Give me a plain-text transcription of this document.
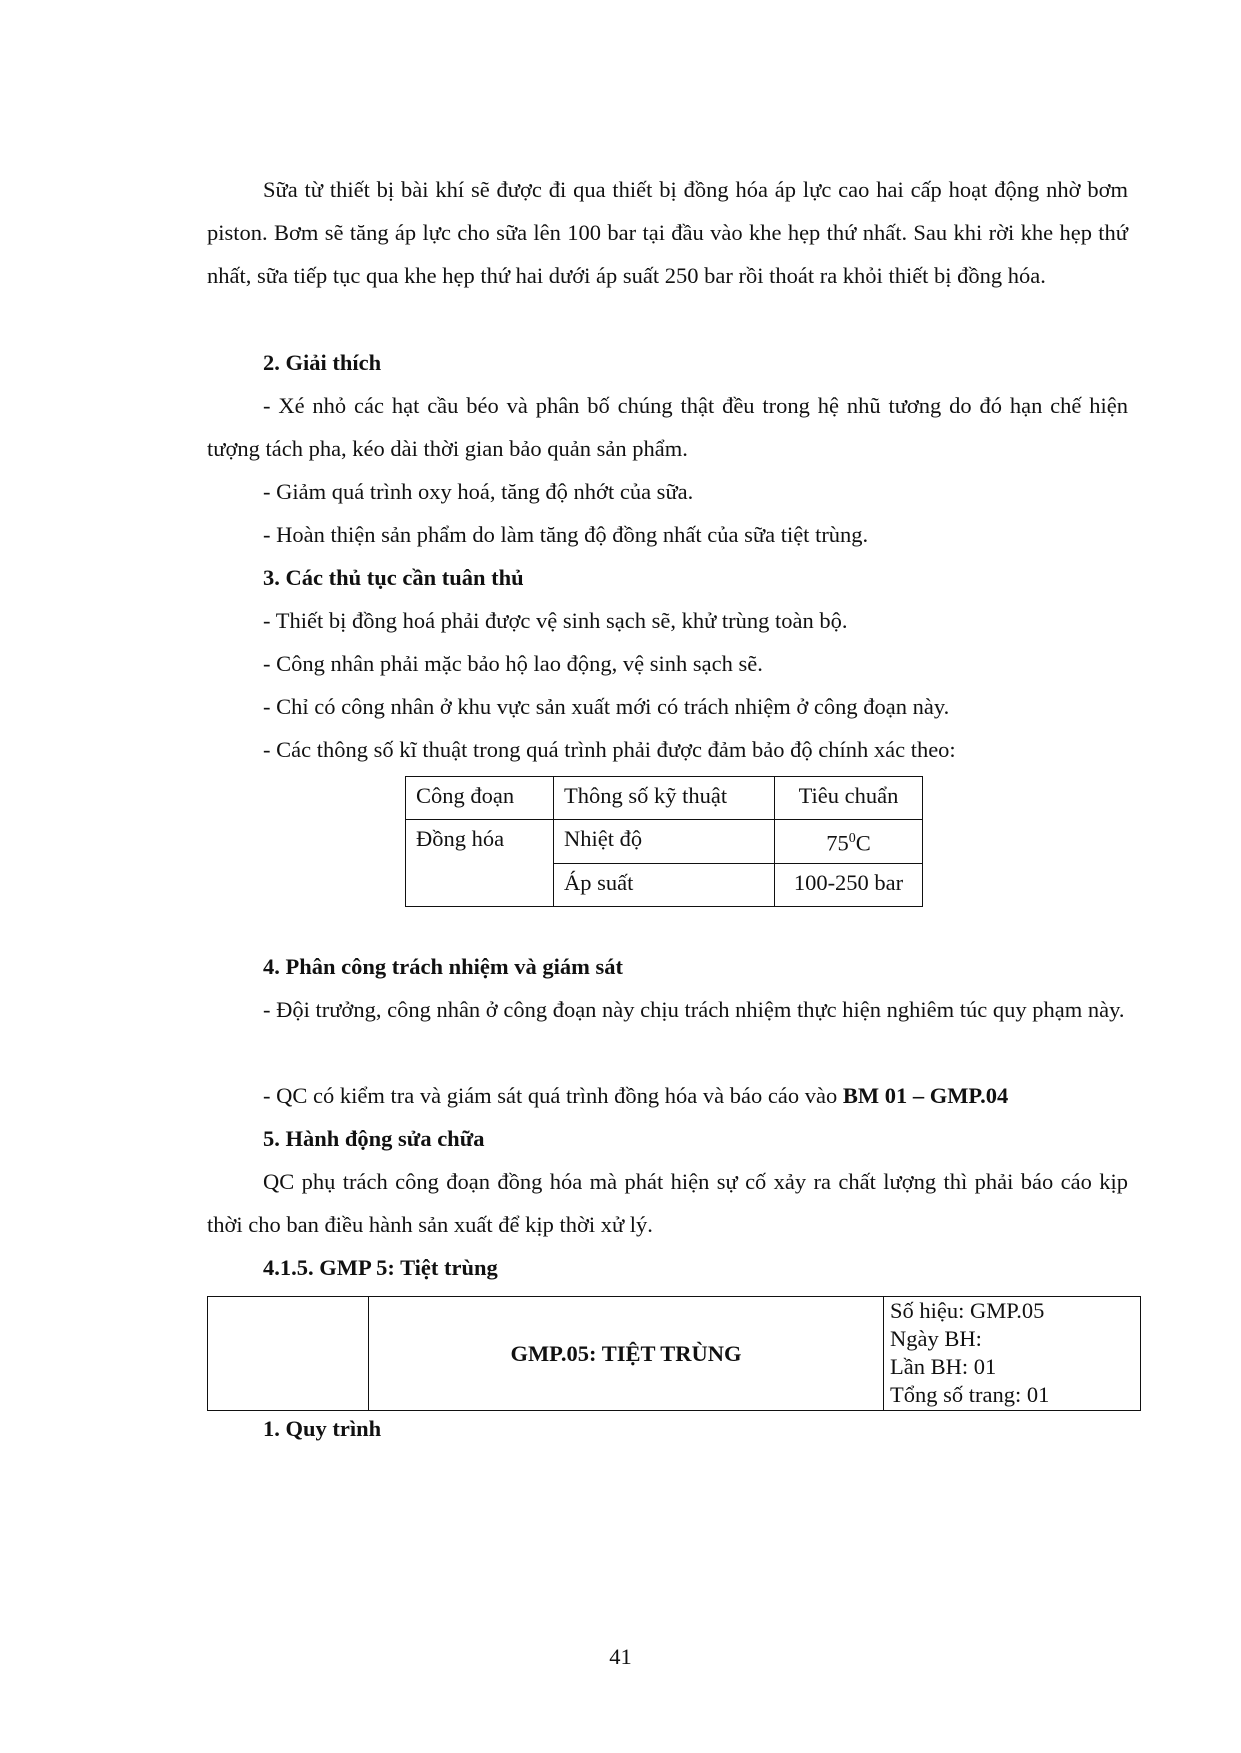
Sữa từ thiết bị bài khí sẽ được đi qua thiết bị đồng hóa áp lực cao hai cấp hoạt động nhờ bơm piston. Bơm sẽ tăng áp lực cho sữa lên 100 bar tại đầu vào khe hẹp thứ nhất. Sau khi rời khe hẹp thứ nhất, sữa tiếp tục qua khe hẹp thứ hai dưới áp suất 250 bar rồi thoát ra khỏi thiết bị đồng hóa.

2. Giải thích

- Xé nhỏ các hạt cầu béo và phân bố chúng thật đều trong hệ nhũ tương do đó hạn chế hiện tượng tách pha, kéo dài thời gian bảo quản sản phẩm.

- Giảm quá trình oxy hoá, tăng độ nhớt của sữa.

- Hoàn thiện sản phẩm do làm tăng độ đồng nhất của sữa tiệt trùng.

3. Các thủ tục cần tuân thủ

- Thiết bị đồng hoá phải được vệ sinh sạch sẽ, khử trùng toàn bộ.

- Công nhân phải mặc bảo hộ lao động, vệ sinh sạch sẽ.

- Chỉ có công nhân ở khu vực sản xuất mới có trách nhiệm ở công đoạn này.

- Các thông số kĩ thuật trong quá trình phải được đảm bảo độ chính xác theo:

Công đoạn	Thông số kỹ thuật	Tiêu chuẩn
Đồng hóa	Nhiệt độ	$75^0C$
	Áp suất	100-250 bar

4. Phân công trách nhiệm và giám sát

- Đội trưởng, công nhân ở công đoạn này chịu trách nhiệm thực hiện nghiêm túc quy phạm này.

- QC có kiểm tra và giám sát quá trình đồng hóa và báo cáo vào BM 01 – GMP.04

5. Hành động sửa chữa

QC phụ trách công đoạn đồng hóa mà phát hiện sự cố xảy ra chất lượng thì phải báo cáo kịp thời cho ban điều hành sản xuất để kịp thời xử lý.

4.1.5. GMP 5: Tiệt trùng

	GMP.05: TIỆT TRÙNG	
Số hiệu: GMP.05
Ngày BH:
Lần BH: 01
Tổng số trang: 01

1. Quy trình

41
